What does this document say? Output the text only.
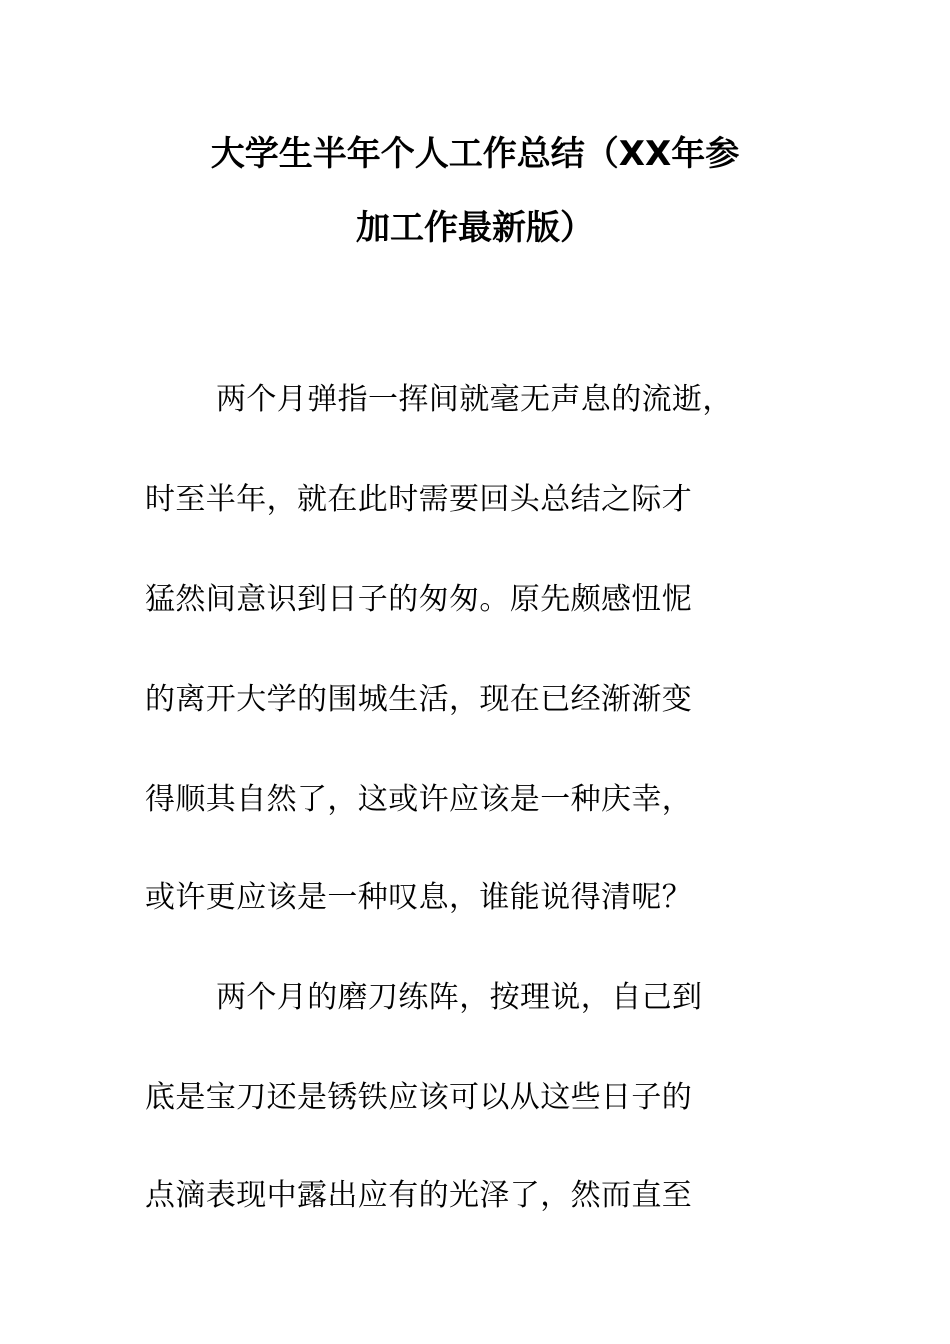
大学生半年个人工作总结（XX年参
加工作最新版）
两个月弹指一挥间就毫无声息的流逝，
时至半年，就在此时需要回头总结之际才
猛然间意识到日子的匆匆。原先颇感忸怩
的离开大学的围城生活，现在已经渐渐变
得顺其自然了，这或许应该是一种庆幸，
或许更应该是一种叹息，谁能说得清呢？
两个月的磨刀练阵，按理说，自己到
底是宝刀还是锈铁应该可以从这些日子的
点滴表现中露出应有的光泽了，然而直至
